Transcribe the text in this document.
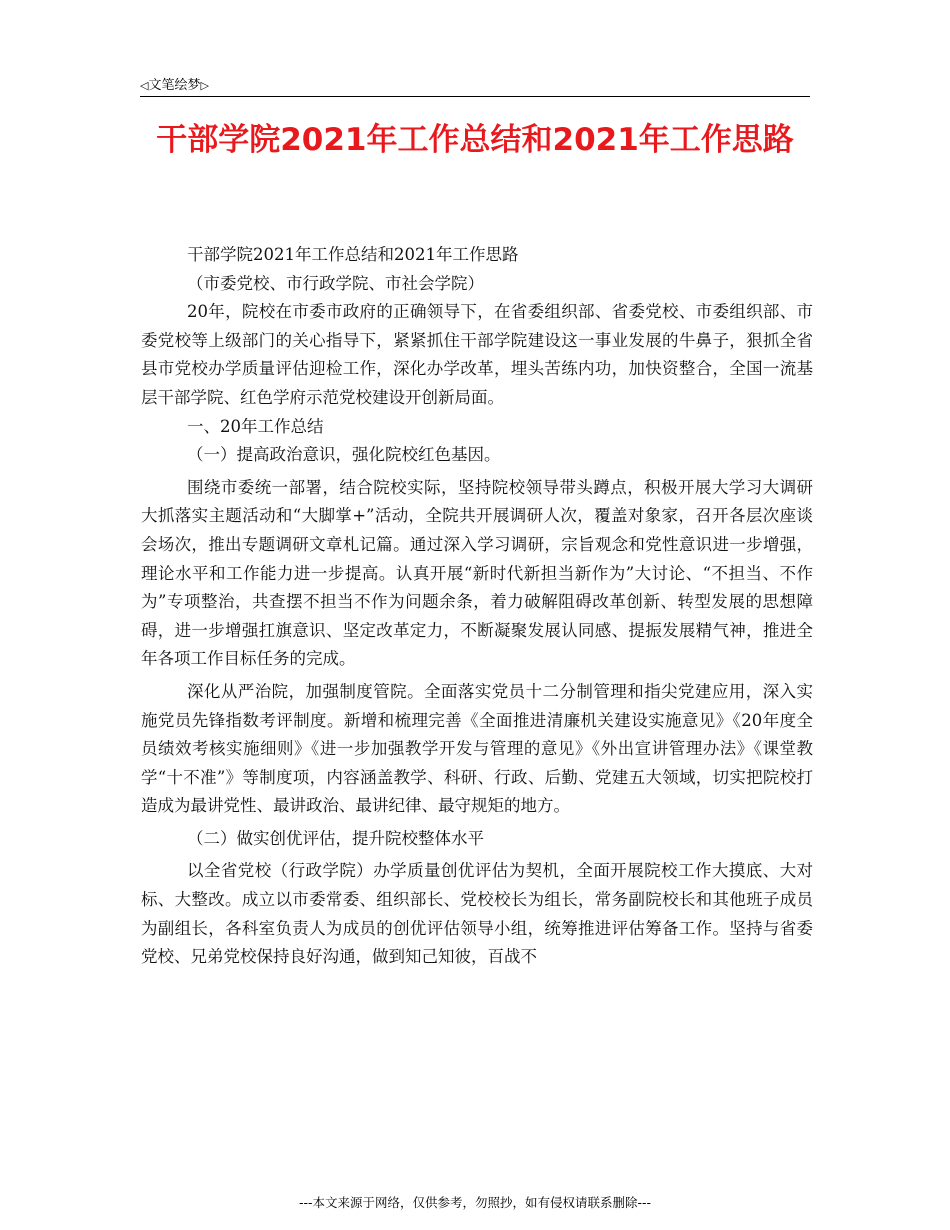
◁文笔绘梦▷
干部学院2021年工作总结和2021年工作思路

干部学院2021年工作总结和2021年工作思路

（市委党校、市行政学院、市社会学院）

20年，院校在市委市政府的正确领导下，在省委组织部、省委党校、市委组织部、市委党校等上级部门的关心指导下，紧紧抓住干部学院建设这一事业发展的牛鼻子，狠抓全省县市党校办学质量评估迎检工作，深化办学改革，埋头苦练内功，加快资整合，全国一流基层干部学院、红色学府示范党校建设开创新局面。

一、20年工作总结

（一）提高政治意识，强化院校红色基因。

围绕市委统一部署，结合院校实际，坚持院校领导带头蹲点，积极开展大学习大调研大抓落实主题活动和“大脚掌+”活动，全院共开展调研人次，覆盖对象家，召开各层次座谈会场次，推出专题调研文章札记篇。通过深入学习调研，宗旨观念和党性意识进一步增强，理论水平和工作能力进一步提高。认真开展“新时代新担当新作为”大讨论、“不担当、不作为”专项整治，共查摆不担当不作为问题余条，着力破解阻碍改革创新、转型发展的思想障碍，进一步增强扛旗意识、坚定改革定力，不断凝聚发展认同感、提振发展精气神，推进全年各项工作目标任务的完成。

深化从严治院，加强制度管院。全面落实党员十二分制管理和指尖党建应用，深入实施党员先锋指数考评制度。新增和梳理完善《全面推进清廉机关建设实施意见》《20年度全员绩效考核实施细则》《进一步加强教学开发与管理的意见》《外出宣讲管理办法》《课堂教学“十不准”》等制度项，内容涵盖教学、科研、行政、后勤、党建五大领域，切实把院校打造成为最讲党性、最讲政治、最讲纪律、最守规矩的地方。

（二）做实创优评估，提升院校整体水平

以全省党校（行政学院）办学质量创优评估为契机，全面开展院校工作大摸底、大对标、大整改。成立以市委常委、组织部长、党校校长为组长，常务副院校长和其他班子成员为副组长，各科室负责人为成员的创优评估领导小组，统筹推进评估筹备工作。坚持与省委党校、兄弟党校保持良好沟通，做到知己知彼，百战不

---本文来源于网络，仅供参考，勿照抄，如有侵权请联系删除---
